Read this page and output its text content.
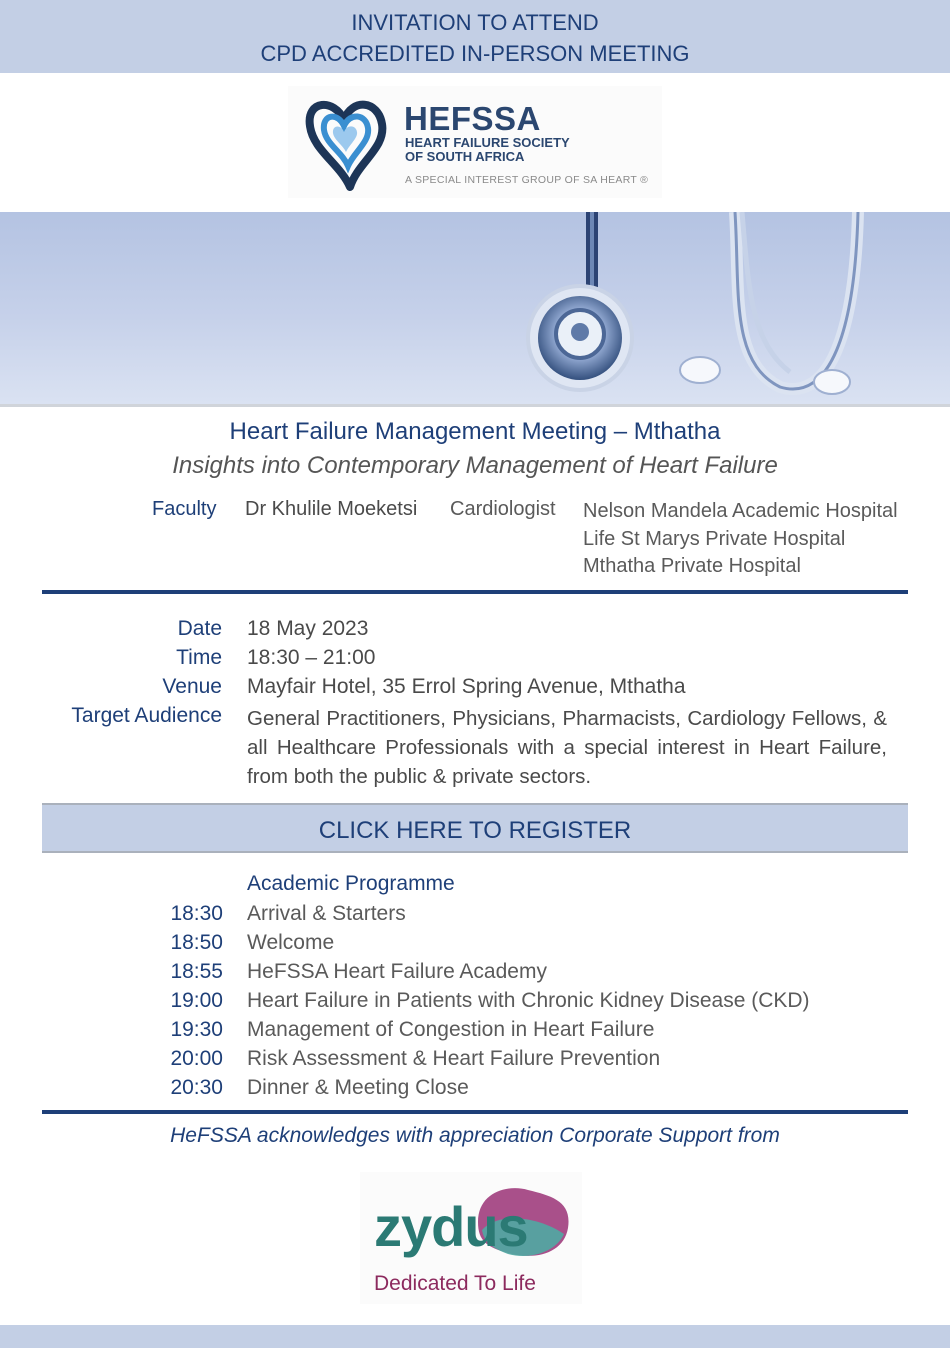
INVITATION TO ATTEND
CPD ACCREDITED IN-PERSON MEETING
HEFSSA
HEART FAILURE SOCIETY
OF SOUTH AFRICA
A SPECIAL INTEREST GROUP OF SA HEART ®
Heart Failure Management Meeting – Mthatha
Insights into Contemporary Management of Heart Failure
Faculty Dr Khulile Moeketsi Cardiologist Nelson Mandela Academic Hospital
Life St Marys Private Hospital
Mthatha Private Hospital
Date 18 May 2023
Time 18:30 – 21:00
Venue Mayfair Hotel, 35 Errol Spring Avenue, Mthatha
Target Audience General Practitioners, Physicians, Pharmacists, Cardiology Fellows, & all Healthcare Professionals with a special interest in Heart Failure, from both the public & private sectors.
CLICK HERE TO REGISTER
Academic Programme
18:30 Arrival & Starters
18:50 Welcome
18:55 HeFSSA Heart Failure Academy
19:00 Heart Failure in Patients with Chronic Kidney Disease (CKD)
19:30 Management of Congestion in Heart Failure
20:00 Risk Assessment & Heart Failure Prevention
20:30 Dinner & Meeting Close
HeFSSA acknowledges with appreciation Corporate Support from
zydus
Dedicated To Life
